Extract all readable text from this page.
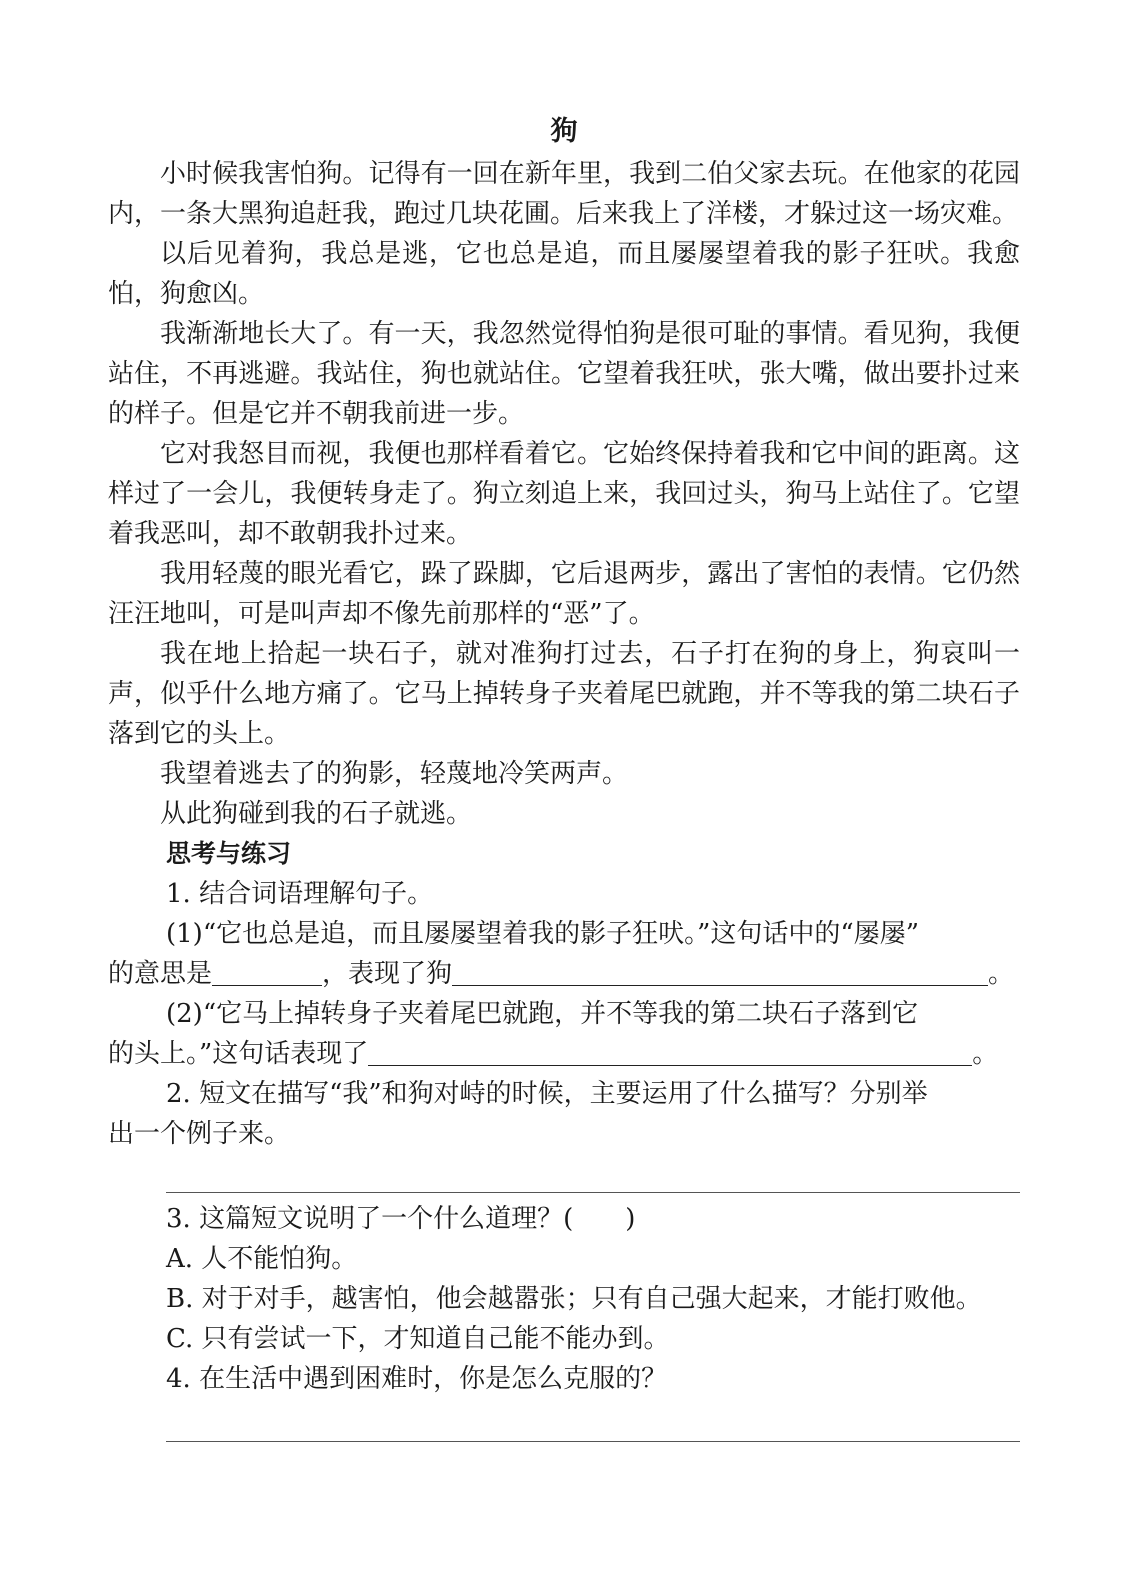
狗

小时候我害怕狗。记得有一回在新年里，我到二伯父家去玩。在他家的花园内，一条大黑狗追赶我，跑过几块花圃。后来我上了洋楼，才躲过这一场灾难。

以后见着狗，我总是逃，它也总是追，而且屡屡望着我的影子狂吠。我愈怕，狗愈凶。

我渐渐地长大了。有一天，我忽然觉得怕狗是很可耻的事情。看见狗，我便站住，不再逃避。我站住，狗也就站住。它望着我狂吠，张大嘴，做出要扑过来的样子。但是它并不朝我前进一步。

它对我怒目而视，我便也那样看着它。它始终保持着我和它中间的距离。这样过了一会儿，我便转身走了。狗立刻追上来，我回过头，狗马上站住了。它望着我恶叫，却不敢朝我扑过来。

我用轻蔑的眼光看它，跺了跺脚，它后退两步，露出了害怕的表情。它仍然汪汪地叫，可是叫声却不像先前那样的“恶”了。

我在地上拾起一块石子，就对准狗打过去，石子打在狗的身上，狗哀叫一声，似乎什么地方痛了。它马上掉转身子夹着尾巴就跑，并不等我的第二块石子落到它的头上。

我望着逃去了的狗影，轻蔑地冷笑两声。

从此狗碰到我的石子就逃。

思考与练习

1. 结合词语理解句子。

(1)“它也总是追，而且屡屡望着我的影子狂吠。”这句话中的“屡屡”

的意思是	，表现了狗	。

(2)“它马上掉转身子夹着尾巴就跑，并不等我的第二块石子落到它

的头上。”这句话表现了	。

2. 短文在描写“我”和狗对峙的时候，主要运用了什么描写？分别举

出一个例子来。

3. 这篇短文说明了一个什么道理？(　　)

A. 人不能怕狗。

B. 对于对手，越害怕，他会越嚣张；只有自己强大起来，才能打败他。

C. 只有尝试一下，才知道自己能不能办到。

4. 在生活中遇到困难时，你是怎么克服的？
